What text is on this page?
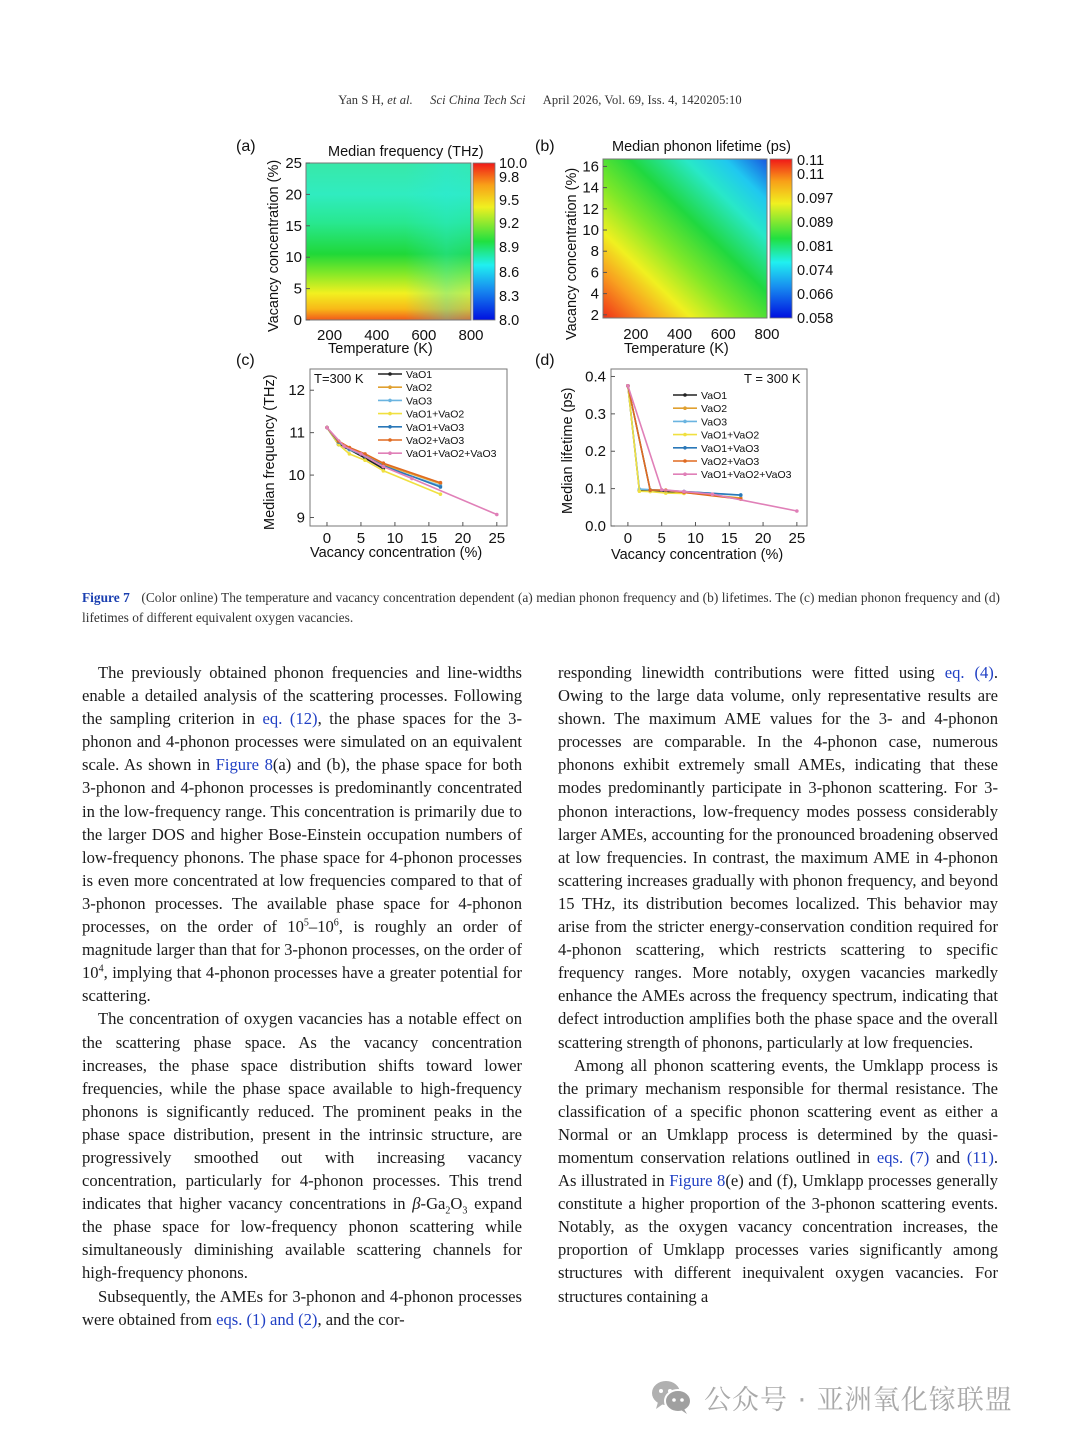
Yan S H, et al. Sci China Tech Sci April 2026, Vol. 69, Iss. 4, 1420205:10
(a)	Median frequency (THz)
0
5
10
15
20
25
200 400 600 800
10.0
9.8
9.5
9.2
8.9
8.6
8.3
8.0
Temperature (K)
Vacancy concentration (%)
(b)	Median phonon lifetime (ps)
2
4
6
8
10
12
14
16
200 400 600 800
0.11
0.11
0.097
0.089
0.081
0.074
0.066
0.058
Temperature (K)
Vacancy concentration (%)
(c)
T=300 K	VaO1
VaO2
VaO3
VaO1+VaO2
VaO1+VaO3
VaO2+VaO3
VaO1+VaO2+VaO3
9
10
11
12
0 5 10 15 20 25
Vacancy concentration (%)
Median frequency (THz)
(d)
T = 300 K
VaO1
VaO2
VaO3
VaO1+VaO2
VaO1+VaO3
VaO2+VaO3
VaO1+VaO2+VaO3
0.0
0.1
0.2
0.3
0.4
0 5 10 15 20 25
Vacancy concentration (%)
Median lifetime (ps)
Figure 7 (Color online) The temperature and vacancy concentration dependent (a) median phonon frequency and (b) lifetimes. The (c) median phonon frequency and (d) lifetimes of different equivalent oxygen vacancies.

The previously obtained phonon frequencies and line-widths enable a detailed analysis of the scattering processes. Following the sampling criterion in eq. (12), the phase spaces for the 3-phonon and 4-phonon processes were simulated on an equivalent scale. As shown in Figure 8(a) and (b), the phase space for both 3-phonon and 4-phonon processes is predominantly concentrated in the low-frequency range. This concentration is primarily due to the larger DOS and higher Bose-Einstein occupation numbers of low-frequency phonons. The phase space for 4-phonon processes is even more concentrated at low frequencies compared to that of 3-phonon processes. The available phase space for 4-phonon processes, on the order of $10^5-10^6$, is roughly an order of magnitude larger than that for 3-phonon processes, on the order of $10^4$, implying that 4-phonon processes have a greater potential for scattering.

The concentration of oxygen vacancies has a notable effect on the scattering phase space. As the vacancy concentration increases, the phase space distribution shifts toward lower frequencies, while the phase space available to high-frequency phonons is significantly reduced. The prominent peaks in the phase space distribution, present in the intrinsic structure, are progressively smoothed out with increasing vacancy concentration, particularly for 4-phonon processes. This trend indicates that higher vacancy concentrations in $\beta-Ga_2O_3$ expand the phase space for low-frequency phonon scattering while simultaneously diminishing available scattering channels for high-frequency phonons.

Subsequently, the AMEs for 3-phonon and 4-phonon processes were obtained from eqs. (1) and (2), and the cor-

responding linewidth contributions were fitted using eq. (4). Owing to the large data volume, only representative results are shown. The maximum AME values for the 3- and 4-phonon processes are comparable. In the 4-phonon case, numerous phonons exhibit extremely small AMEs, indicating that these modes predominantly participate in 3-phonon scattering. For 3-phonon interactions, low-frequency modes possess considerably larger AMEs, accounting for the pronounced broadening observed at low frequencies. In contrast, the maximum AME in 4-phonon scattering increases gradually with phonon frequency, and beyond 15 THz, its distribution becomes localized. This behavior may arise from the stricter energy-conservation condition required for 4-phonon scattering, which restricts scattering to specific frequency ranges. More notably, oxygen vacancies markedly enhance the AMEs across the frequency spectrum, indicating that defect introduction amplifies both the phase space and the overall scattering strength of phonons, particularly at low frequencies.

Among all phonon scattering events, the Umklapp process is the primary mechanism responsible for thermal resistance. The classification of a specific phonon scattering event as either a Normal or an Umklapp process is determined by the quasi-momentum conservation relations outlined in eqs. (7) and (11). As illustrated in Figure 8(e) and (f), Umklapp processes generally constitute a higher proportion of the 3-phonon scattering events. Notably, as the oxygen vacancy concentration increases, the proportion of Umklapp processes varies significantly among structures with different inequivalent oxygen vacancies. For structures containing a

公众号 · 亚洲氧化镓联盟
